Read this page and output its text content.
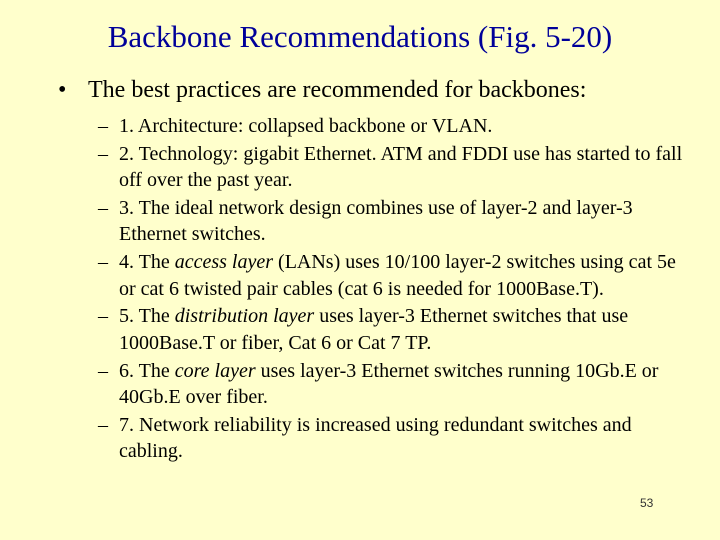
Backbone Recommendations (Fig. 5-20)
• The best practices are recommended for backbones:
– 1. Architecture: collapsed backbone or VLAN.
– 2. Technology: gigabit Ethernet. ATM and FDDI use has started to fall off over the past year.
– 3. The ideal network design combines use of layer-2 and layer-3 Ethernet switches.
– 4. The access layer (LANs) uses 10/100 layer-2 switches using cat 5e or cat 6 twisted pair cables (cat 6 is needed for 1000Base.T).
– 5. The distribution layer uses layer-3 Ethernet switches that use 1000Base.T or fiber, Cat 6 or Cat 7 TP.
– 6. The core layer uses layer-3 Ethernet switches running 10Gb.E or 40Gb.E over fiber.
– 7. Network reliability is increased using redundant switches and cabling.
53
